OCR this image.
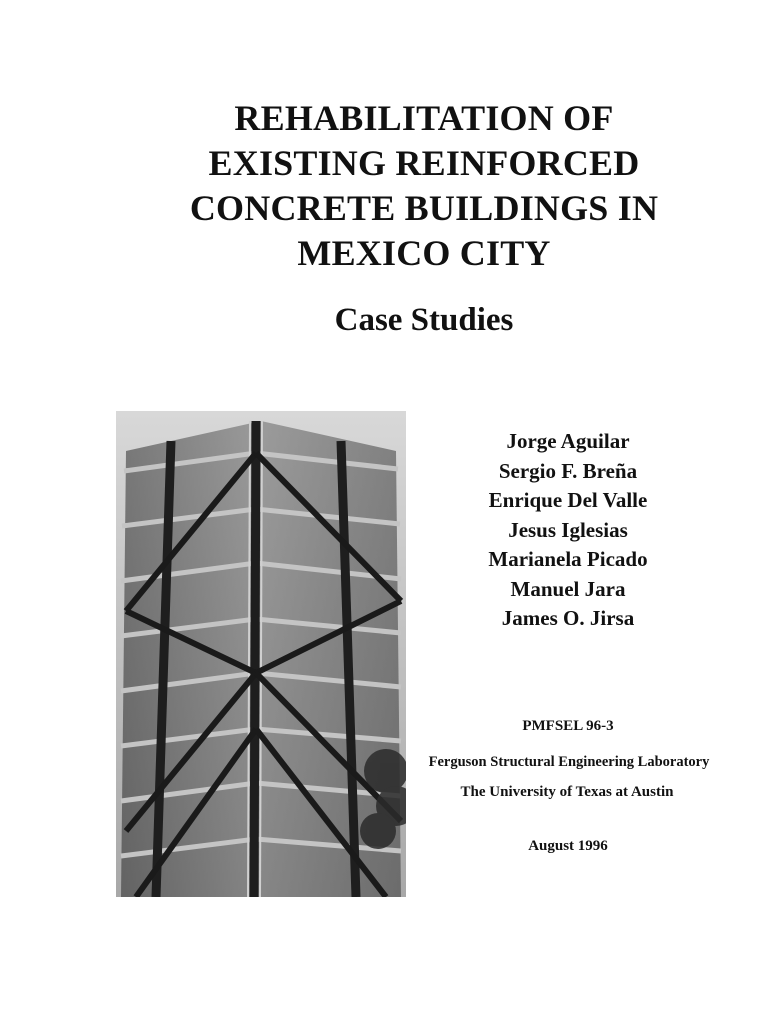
REHABILITATION OF
EXISTING REINFORCED
CONCRETE BUILDINGS IN
MEXICO CITY
Case Studies
Jorge Aguilar
Sergio F. Breña
Enrique Del Valle
Jesus Iglesias
Marianela Picado
Manuel Jara
James O. Jirsa

PMFSEL 96-3

Ferguson Structural Engineering Laboratory

The University of Texas at Austin

August 1996
